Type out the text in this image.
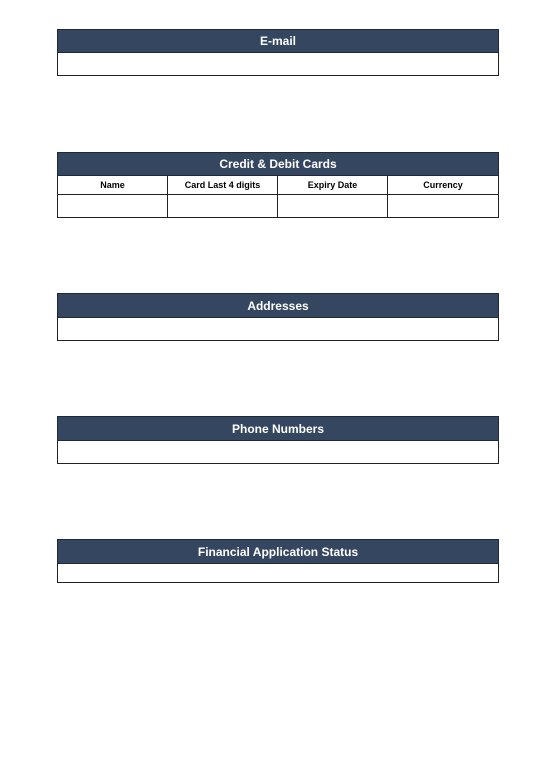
E-mail
Credit & Debit Cards
Name	Card Last 4 digits	Expiry Date	Currency
Addresses
Phone Numbers
Financial Application Status
